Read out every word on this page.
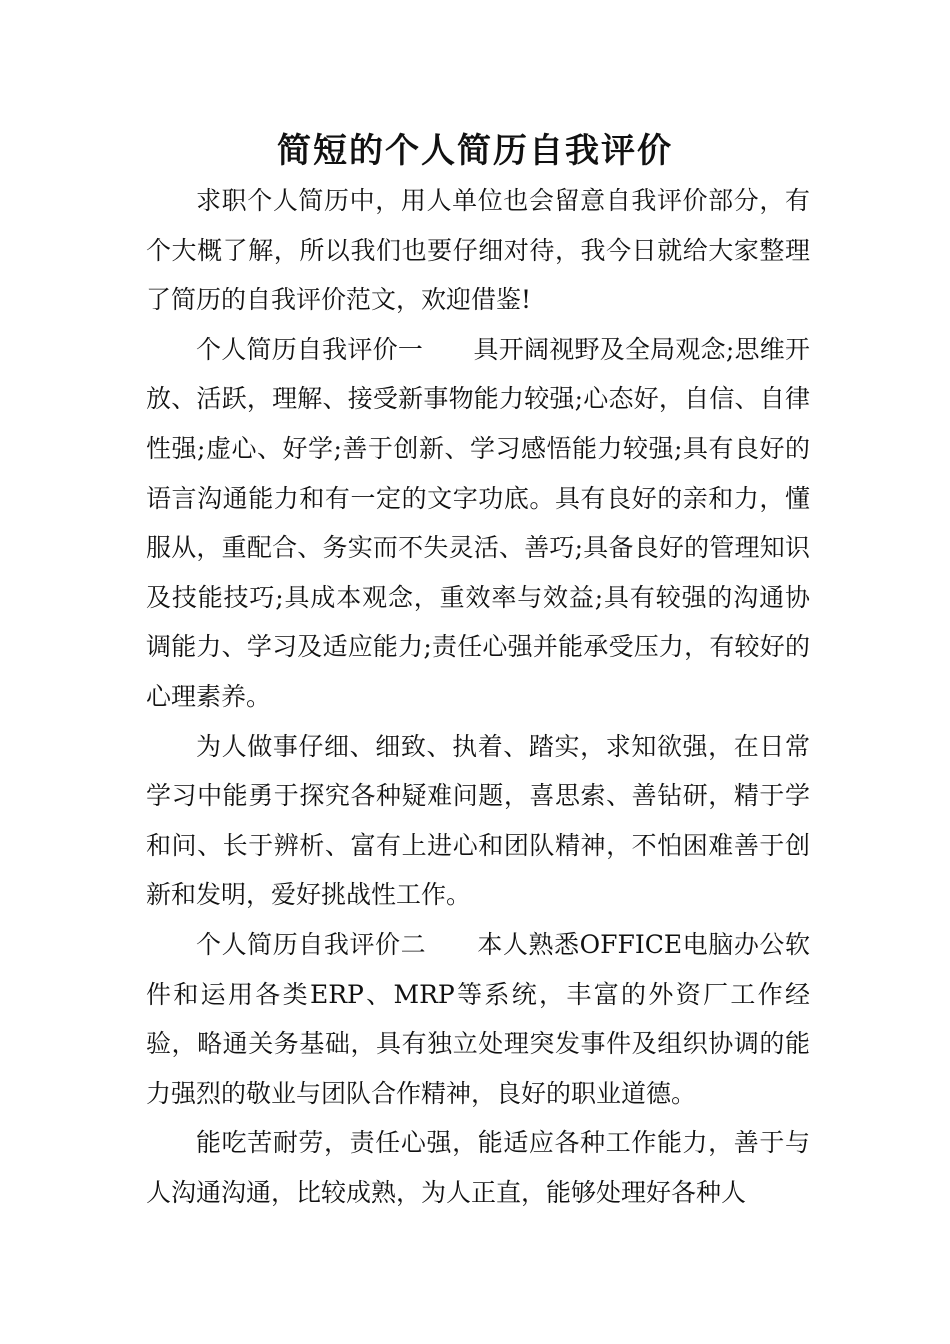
简短的个人简历自我评价

求职个人简历中，用人单位也会留意自我评价部分，有个大概了解，所以我们也要仔细对待，我今日就给大家整理了简历的自我评价范文，欢迎借鉴!

个人简历自我评价一　　具开阔视野及全局观念;思维开放、活跃，理解、接受新事物能力较强;心态好，自信、自律性强;虚心、好学;善于创新、学习感悟能力较强;具有良好的语言沟通能力和有一定的文字功底。具有良好的亲和力，懂服从，重配合、务实而不失灵活、善巧;具备良好的管理知识及技能技巧;具成本观念，重效率与效益;具有较强的沟通协调能力、学习及适应能力;责任心强并能承受压力，有较好的心理素养。

为人做事仔细、细致、执着、踏实，求知欲强，在日常学习中能勇于探究各种疑难问题，喜思索、善钻研，精于学和问、长于辨析、富有上进心和团队精神，不怕困难善于创新和发明，爱好挑战性工作。

个人简历自我评价二　　本人熟悉OFFICE电脑办公软件和运用各类ERP、MRP等系统，丰富的外资厂工作经验，略通关务基础，具有独立处理突发事件及组织协调的能力强烈的敬业与团队合作精神，良好的职业道德。

能吃苦耐劳，责任心强，能适应各种工作能力，善于与人沟通沟通，比较成熟，为人正直，能够处理好各种人
